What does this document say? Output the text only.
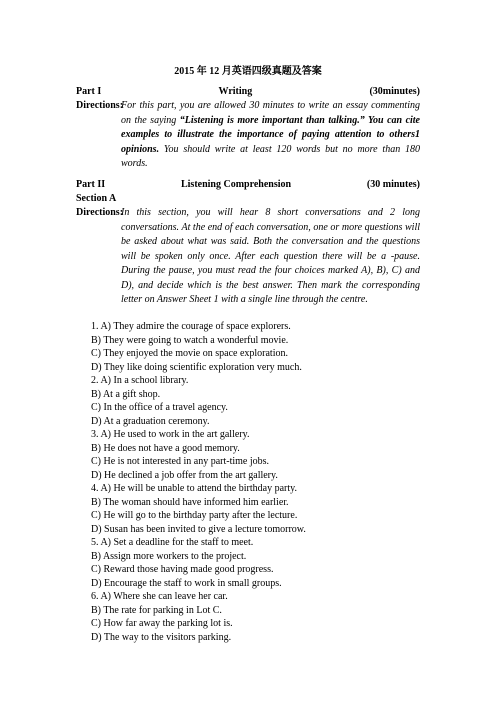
2015 年 12 月英语四级真题及答案
Part I	Writing	(30minutes)
Directions:
For this part, you are allowed 30 minutes to write an essay commenting on the saying “Listening is more important than talking.” You can cite examples to illustrate the importance of paying attention to others1 opinions. You should write at least 120 words but no more than 180 words.
Part II	Listening Comprehension	(30 minutes)
Section A
Directions:
In this section, you will hear 8 short conversations and 2 long conversations. At the end of each conversation, one or more questions will be asked about what was said. Both the conversation and the questions will be spoken only once. After each question there will be a -pause. During the pause, you must read the four choices marked A), B), C) and D), and decide which is the best answer. Then mark the corresponding letter on Answer Sheet 1 with a single line through the centre.
1. A) They admire the courage of space explorers.
B) They were going to watch a wonderful movie.
C) They enjoyed the movie on space exploration.
D) They like doing scientific exploration very much.
2. A) In a school library.
B) At a gift shop.
C) In the office of a travel agency.
D) At a graduation ceremony.
3. A) He used to work in the art gallery.
B) He does not have a good memory.
C) He is not interested in any part-time jobs.
D) He declined a job offer from the art gallery.
4. A) He will be unable to attend the birthday party.
B) The woman should have informed him earlier.
C) He will go to the birthday party after the lecture.
D) Susan has been invited to give a lecture tomorrow.
5. A) Set a deadline for the staff to meet.
B) Assign more workers to the project.
C) Reward those having made good progress.
D) Encourage the staff to work in small groups.
6. A) Where she can leave her car.
B) The rate for parking in Lot C.
C) How far away the parking lot is.
D) The way to the visitors parking.
